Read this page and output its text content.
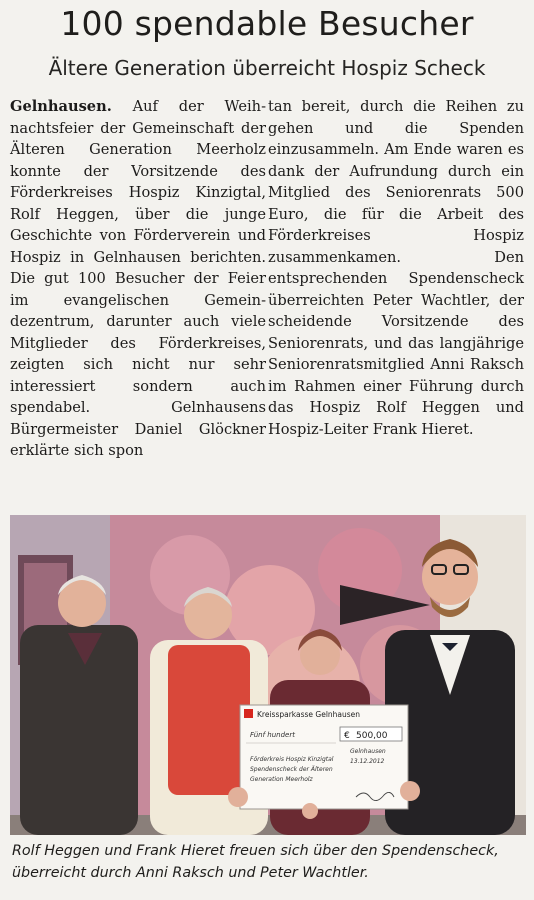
100 spendable Besucher
Ältere Generation überreicht Hospiz Scheck
Gelnhausen. Auf der Weihnachtsfeier der Gemeinschaft der Älteren Generation Meerholz konnte der Vorsitzende des Förderkreises Hospiz Kinzigtal, Rolf Heggen, über die junge Geschichte von Förderverein und Hospiz in Gelnhausen berichten. Die gut 100 Besucher der Feier im evangelischen Gemeindezentrum, darunter auch viele Mitglieder des Förderkreises, zeigten sich nicht nur sehr interessiert sondern auch spendabel. Gelnhausens Bürgermeister Daniel Glöckner erklärte sich spon
tan bereit, durch die Reihen zu gehen und die Spenden einzusammeln. Am Ende waren es dank der Aufrundung durch ein Mitglied des Seniorenrats 500 Euro, die für die Arbeit des Förderkreises Hospiz zusammenkamen. Den entsprechenden Spendenscheck überreichten Peter Wachtler, der scheidende Vorsitzende des Seniorenrats, und das langjährige Seniorenratsmitglied Anni Raksch im Rahmen einer Führung durch das Hospiz Rolf Heggen und Hospiz-Leiter Frank Hieret.
Kreissparkasse Gelnhausen
€ 500,00
Fünf hundert
Förderkreis Hospiz Kinzigtal
Spendenscheck der Älteren
Generation Meerholz
Gelnhausen
13.12.2012
Rolf Heggen und Frank Hieret freuen sich über den Spendenscheck, überreicht durch Anni Raksch und Peter Wachtler.
